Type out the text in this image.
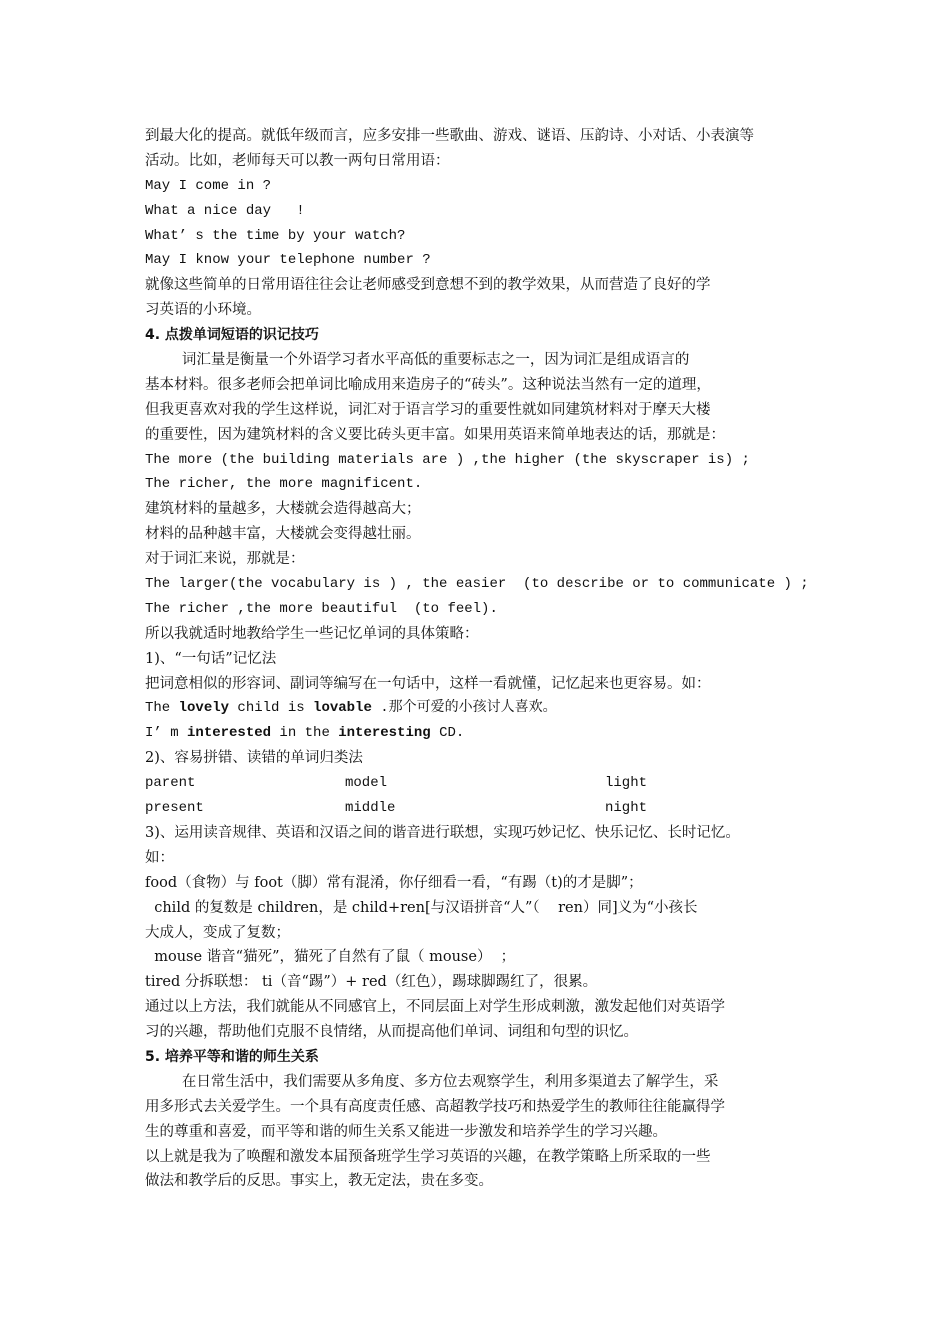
到最大化的提高。就低年级而言，应多安排一些歌曲、游戏、谜语、压韵诗、小对话、小表演等
活动。比如，老师每天可以教一两句日常用语：
May I come in ?
What a nice day   !
What’ s the time by your watch?
May I know your telephone number ?
就像这些简单的日常用语往往会让老师感受到意想不到的教学效果，从而营造了良好的学
习英语的小环境。
4. 点拨单词短语的识记技巧
词汇量是衡量一个外语学习者水平高低的重要标志之一，因为词汇是组成语言的
基本材料。很多老师会把单词比喻成用来造房子的“砖头”。这种说法当然有一定的道理，
但我更喜欢对我的学生这样说，词汇对于语言学习的重要性就如同建筑材料对于摩天大楼
的重要性，因为建筑材料的含义要比砖头更丰富。如果用英语来简单地表达的话，那就是：
The more (the building materials are ) ,the higher (the skyscraper is) ;
The richer, the more magnificent.
建筑材料的量越多，大楼就会造得越高大；
材料的品种越丰富，大楼就会变得越壮丽。
对于词汇来说，那就是：
The larger(the vocabulary is ) , the easier  (to describe or to communicate ) ;
The richer ,the more beautiful  (to feel).
所以我就适时地教给学生一些记忆单词的具体策略：
1)、“一句话”记忆法
把词意相似的形容词、副词等编写在一句话中，这样一看就懂，记忆起来也更容易。如：
The lovely child is lovable .那个可爱的小孩讨人喜欢。
I’ m interested in the interesting CD.
2)、容易拼错、读错的单词归类法
parent	model	light
present	middle	night
3)、运用读音规律、英语和汉语之间的谐音进行联想，实现巧妙记忆、快乐记忆、长时记忆。
如：
food（食物）与 foot（脚）常有混淆，你仔细看一看，“有踢（t)的才是脚”；
child 的复数是 children，是 child+ren[与汉语拼音“人”（    ren）同]义为“小孩长
大成人，变成了复数；
mouse 谐音“猫死”，猫死了自然有了鼠（ mouse）  ；
tired 分拆联想： ti（音“踢”）+ red（红色），踢球脚踢红了，很累。
通过以上方法，我们就能从不同感官上，不同层面上对学生形成刺激，激发起他们对英语学
习的兴趣，帮助他们克服不良情绪，从而提高他们单词、词组和句型的识忆。
5. 培养平等和谐的师生关系
在日常生活中，我们需要从多角度、多方位去观察学生，利用多渠道去了解学生，采
用多形式去关爱学生。一个具有高度责任感、高超教学技巧和热爱学生的教师往往能赢得学
生的尊重和喜爱，而平等和谐的师生关系又能进一步激发和培养学生的学习兴趣。
以上就是我为了唤醒和激发本届预备班学生学习英语的兴趣，在教学策略上所采取的一些
做法和教学后的反思。事实上，教无定法，贵在多变。
